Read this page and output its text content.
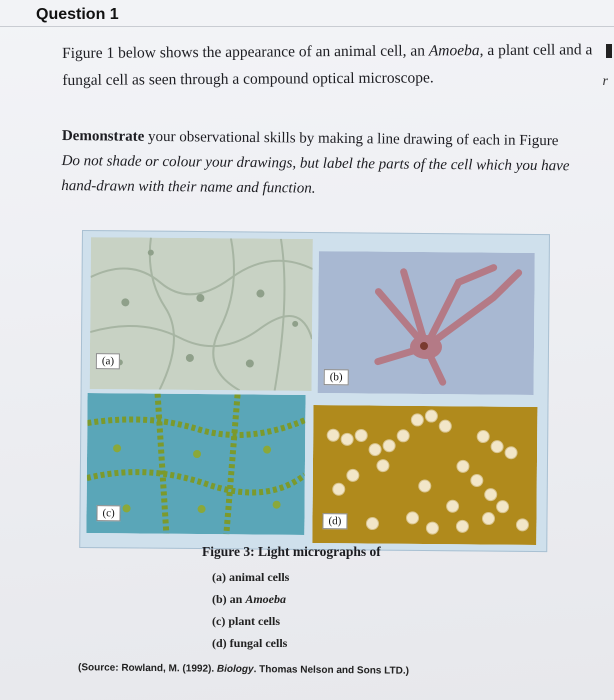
Question 1
r
Figure 1 below shows the appearance of an animal cell, an Amoeba, a plant cell and a fungal cell as seen through a compound optical microscope.
Demonstrate your observational skills by making a line drawing of each in Figure
Do not shade or colour your drawings, but label the parts of the cell which you have hand-drawn with their name and function.
(a)
(b)
(c)
(d)
Figure 3: Light micrographs of
(a) animal cells
(b) an Amoeba
(c) plant cells
(d) fungal cells
(Source: Rowland, M. (1992). Biology. Thomas Nelson and Sons LTD.)
